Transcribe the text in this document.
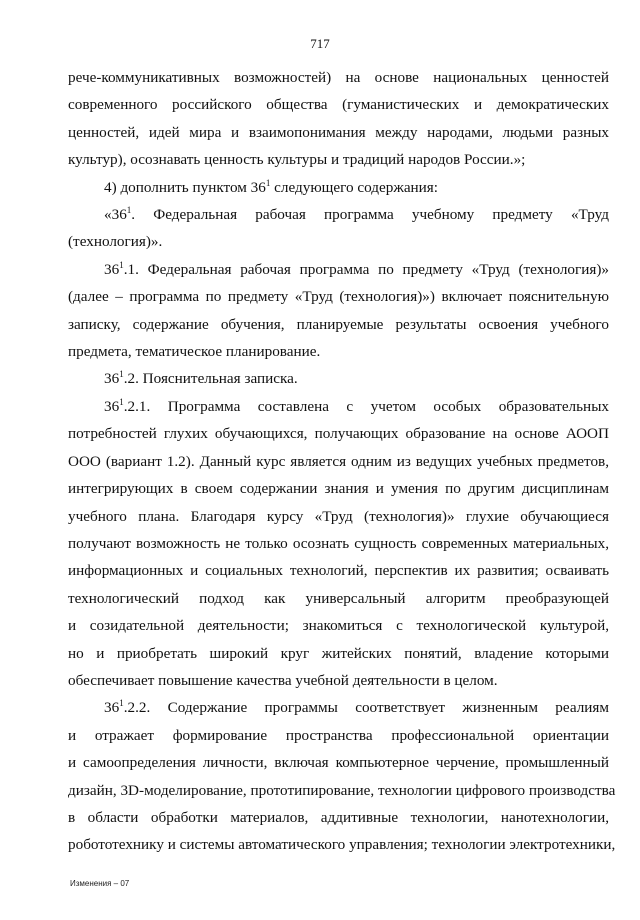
717

рече-коммуникативных возможностей) на основе национальных ценностей
современного российского общества (гуманистических и демократических
ценностей, идей мира и взаимопонимания между народами, людьми разных
культур), осознавать ценность культуры и традиций народов России.»;

4) дополнить пунктом $36^1$ следующего содержания:

«$36^1$. Федеральная рабочая программа учебному предмету «Труд
(технология)».

$36^1.1$. Федеральная рабочая программа по предмету «Труд (технология)»
(далее – программа по предмету «Труд (технология)») включает пояснительную
записку, содержание обучения, планируемые результаты освоения учебного
предмета, тематическое планирование.

$36^1.2$. Пояснительная записка.

$36^1.2.1$. Программа составлена с учетом особых образовательных
потребностей глухих обучающихся, получающих образование на основе АООП
ООО (вариант 1.2). Данный курс является одним из ведущих учебных предметов,
интегрирующих в своем содержании знания и умения по другим дисциплинам
учебного плана. Благодаря курсу «Труд (технология)» глухие обучающиеся
получают возможность не только осознать сущность современных материальных,
информационных и социальных технологий, перспектив их развития; осваивать
технологический подход как универсальный алгоритм преобразующей
и созидательной деятельности; знакомиться с технологической культурой,
но и приобретать широкий круг житейских понятий, владение которыми
обеспечивает повышение качества учебной деятельности в целом.

$36^1.2.2$. Содержание программы соответствует жизненным реалиям
и отражает формирование пространства профессиональной ориентации
и самоопределения личности, включая компьютерное черчение, промышленный
дизайн, 3D-моделирование, прототипирование, технологии цифрового производства
в области обработки материалов, аддитивные технологии, нанотехнологии,
робототехнику и системы автоматического управления; технологии электротехники,

Изменения – 07
